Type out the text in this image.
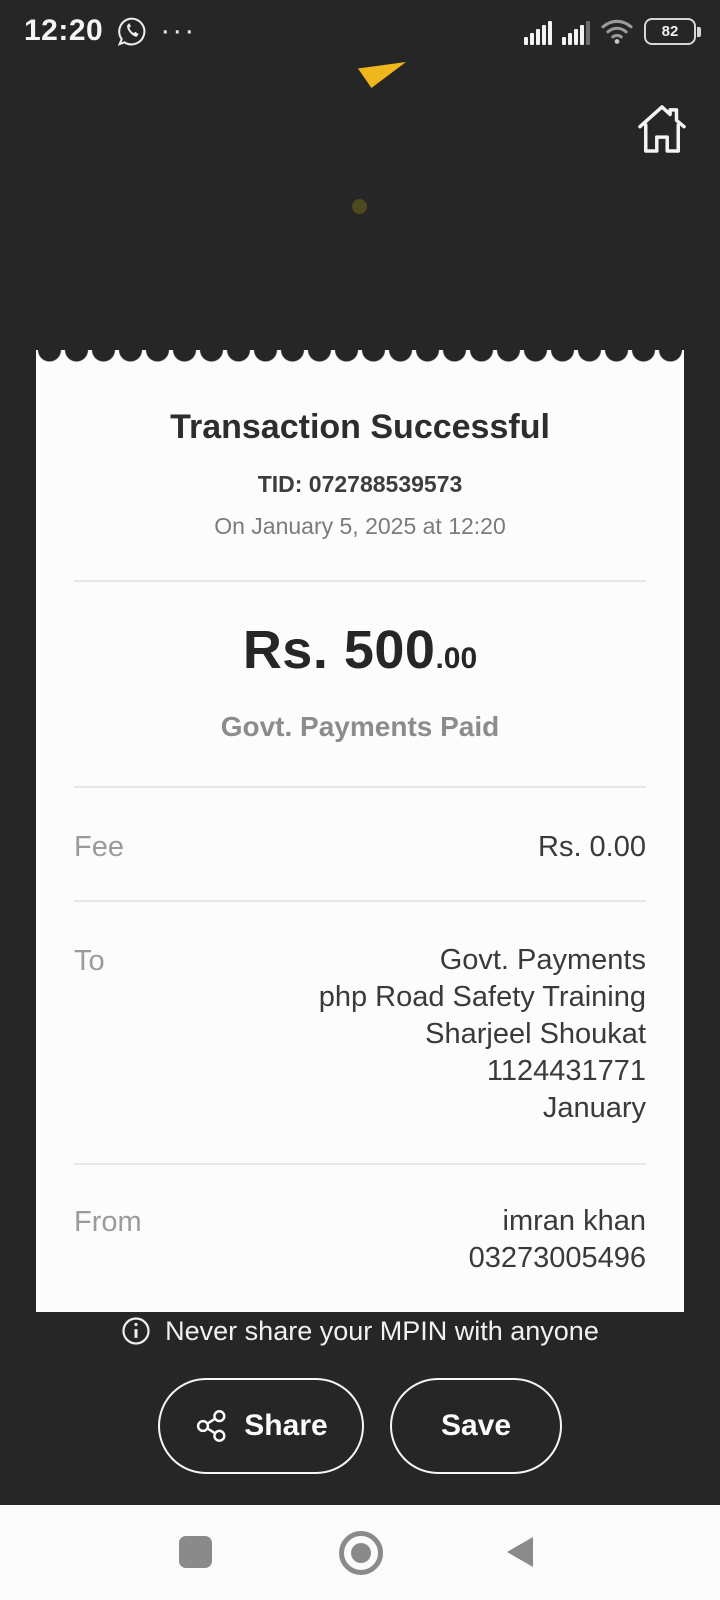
12:20 ···	82
Transaction Successful
TID: 072788539573
On January 5, 2025 at 12:20
Rs. 500.00
Govt. Payments Paid
Fee	Rs. 0.00
To	Govt. Payments
php Road Safety Training
Sharjeel Shoukat
1124431771
January
From	imran khan
03273005496
Never share your MPIN with anyone
Share	Save
